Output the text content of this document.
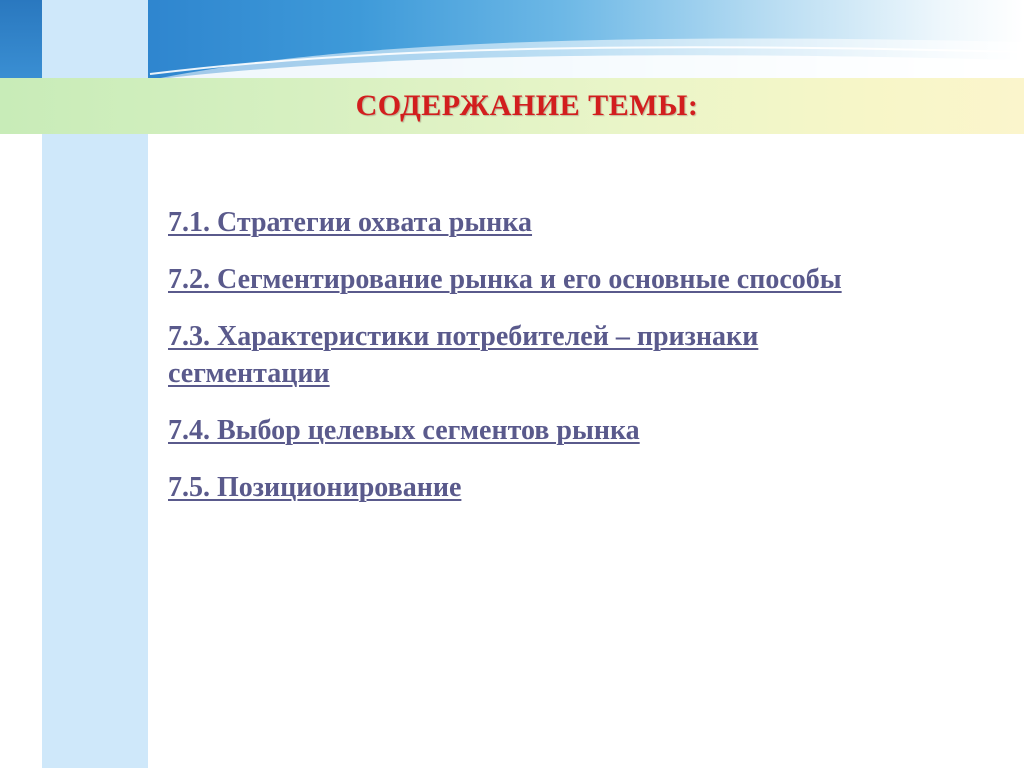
СОДЕРЖАНИЕ ТЕМЫ:
7.1. Стратегии охвата рынка
7.2. Сегментирование рынка и его основные способы
7.3. Характеристики потребителей – признаки сегментации
7.4. Выбор целевых сегментов рынка
7.5. Позиционирование
